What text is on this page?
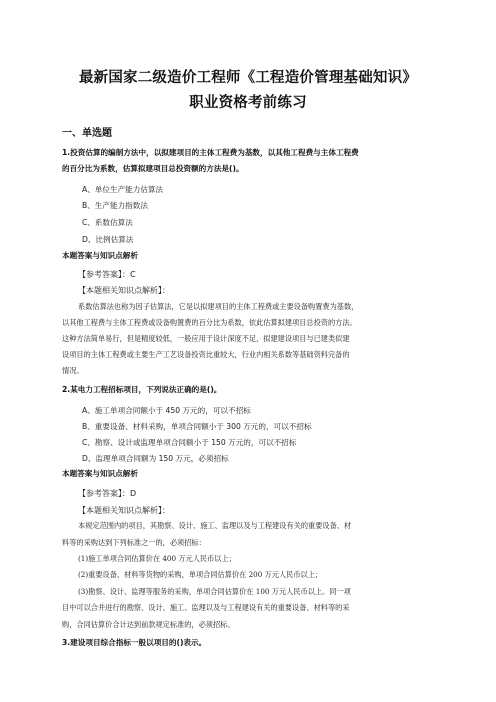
最新国家二级造价工程师《工程造价管理基础知识》
职业资格考前练习
一、单选题
1.投资估算的编制方法中，以拟建项目的主体工程费为基数，以其他工程费与主体工程费
的百分比为系数，估算拟建项目总投资额的方法是()。
A、单位生产能力估算法
B、生产能力指数法
C、系数估算法
D、比例估算法
本题答案与知识点解析
【参考答案】：C
【本题相关知识点解析】：
系数估算法也称为因子估算法，它是以拟建项目的主体工程费或主要设备购置费为基数，
以其他工程费与主体工程费或设备购置费的百分比为系数，依此估算拟建项目总投资的方法。
这种方法简单易行，但是精度较低，一般应用于设计深度不足，拟建建设项目与已建类似建
设项目的主体工程费或主要生产工艺设备投资比重较大，行业内相关系数等基础资料完备的
情况。
2.某电力工程招标项目，下列说法正确的是()。
A、施工单项合同额小于 450 万元的，可以不招标
B、重要设备、材料采购，单项合同额小于 300 万元的，可以不招标
C、勘察、设计或监理单项合同额小于 150 万元的，可以不招标
D、监理单项合同额为 150 万元，必须招标
本题答案与知识点解析
【参考答案】：D
【本题相关知识点解析】：
本规定范围内的项目，其勘察、设计、施工、监理以及与工程建设有关的重要设备、材
料等的采购达到下列标准之一的，必须招标：
(1)施工单项合同估算价在 400 万元人民币以上；
(2)重要设备、材料等货物的采购，单项合同估算价在 200 万元人民币以上；
(3)勘察、设计、监理等服务的采购，单项合同估算价在 100 万元人民币以上。同一项
目中可以合并进行的勘察、设计、施工、监理以及与工程建设有关的重要设备、材料等的采
购，合同估算价合计达到前款规定标准的，必须招标。
3.建设项目综合指标一般以项目的()表示。
